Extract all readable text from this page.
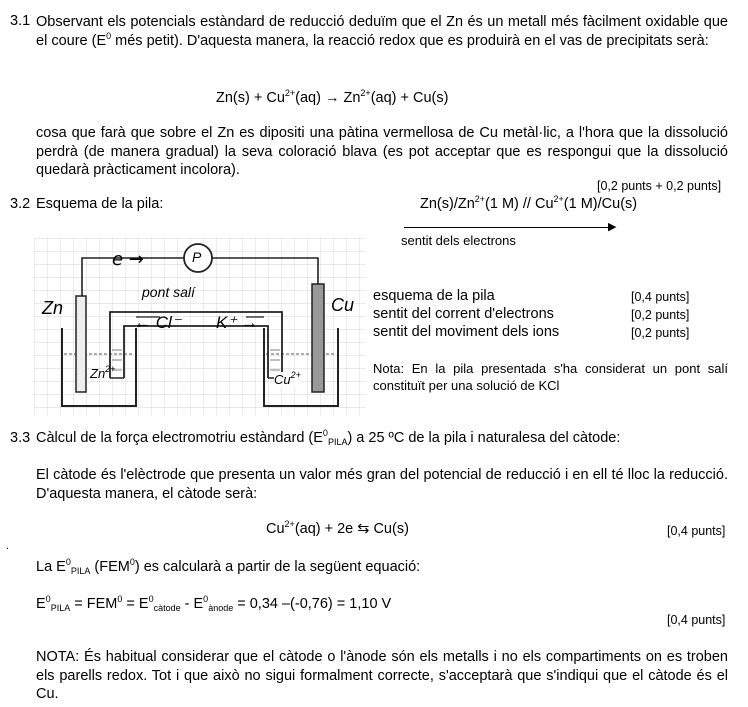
3.1 Observant els potencials estàndard de reducció deduïm que el Zn és un metall més fàcilment oxidable que el coure ($E^0$ més petit). D'aquesta manera, la reacció redox que es produirà en el vas de precipitats serà:
$Zn(s) + Cu^{2+}(aq) \to Zn^{2+}(aq) + Cu(s)$
cosa que farà que sobre el Zn es dipositi una pàtina vermellosa de Cu metàl·lic, a l'hora que la dissolució perdrà (de manera gradual) la seva coloració blava (es pot acceptar que es respongui que la dissolució quedarà pràcticament incolora).
[0,2 punts + 0,2 punts]
3.2 Esquema de la pila:	$Zn(s)/Zn^{2+}(1$ $M) // Cu^{2+}(1$ M)/Cu(s)
▶
sentit dels electrons
e →	P
pont salí
← Cl⁻ K⁺ →
Zn	Cu
$Zn^{2+}$
$Cu^{2+}$
esquema de la pila	[0,4 punts]
sentit del corrent d'electrons	[0,2 punts]
sentit del moviment dels ions	[0,2 punts]
Nota: En la pila presentada s'ha considerat un pont salí constituït per una solució de KCl
3.3 Càlcul de la força electromotriu estàndard $(E^0_{PILA})$ a 25 ºC de la pila i naturalesa del càtode:
El càtode és l'elèctrode que presenta un valor més gran del potencial de reducció i en ell té lloc la reducció. D'aquesta manera, el càtode serà:
$Cu^{2+}(aq) + 2e$ ⇆ Cu(s)	[0,4 punts]
.
La $E^0_{PILA}$ (FEM$^0$) es calcularà a partir de la següent equació:
$E^0_{PILA} = FEM^0 = E^0_{càtode} - E^0_{ànode} = 0,34$ –(-0,76) = 1,10 V
[0,4 punts]
NOTA: És habitual considerar que el càtode o l'ànode són els metalls i no els compartiments on es troben els parells redox. Tot i que això no sigui formalment correcte, s'acceptarà que s'indiqui que el càtode és el Cu.
